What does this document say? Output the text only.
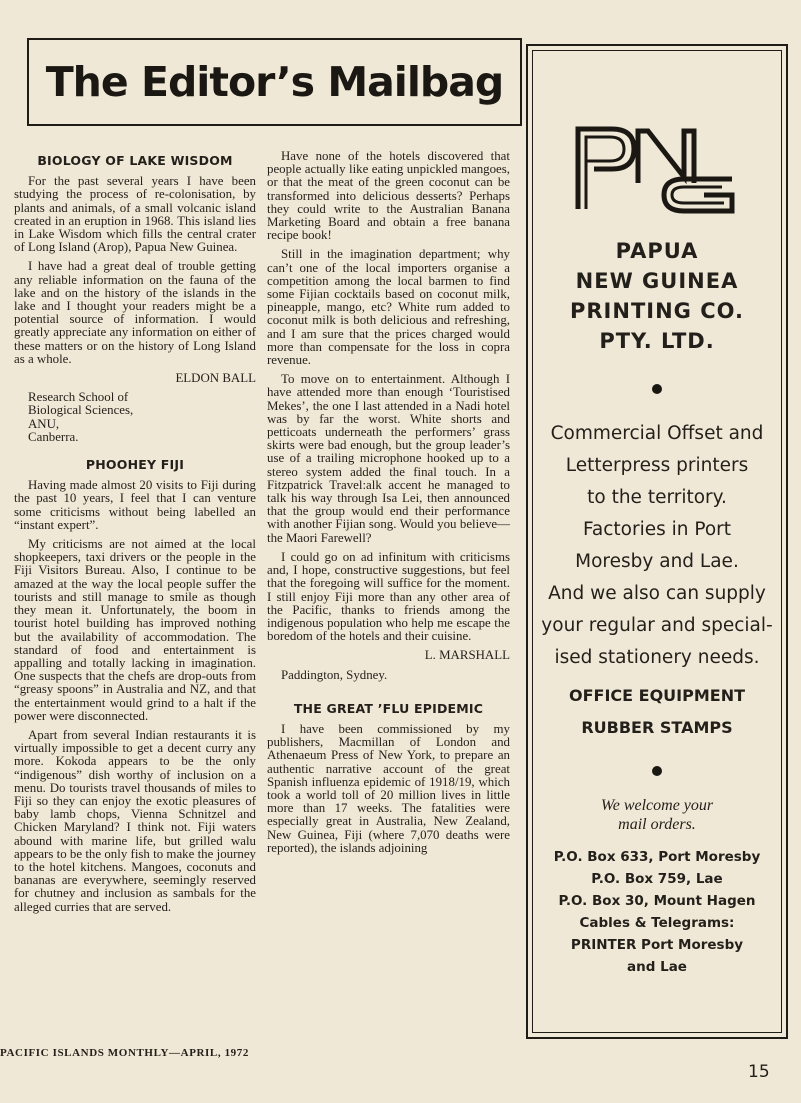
The Editor’s Mailbag
BIOLOGY OF LAKE WISDOM

For the past several years I have been studying the process of re-colonisation, by plants and animals, of a small volcanic island created in an eruption in 1968. This island lies in Lake Wisdom which fills the central crater of Long Island (Arop), Papua New Guinea.

I have had a great deal of trouble getting any reliable information on the fauna of the lake and on the history of the islands in the lake and I thought your readers might be a potential source of information. I would greatly appreciate any information on either of these matters or on the history of Long Island as a whole.

ELDON BALL

Research School of
Biological Sciences,
ANU,
Canberra.

PHOOHEY FIJI

Having made almost 20 visits to Fiji during the past 10 years, I feel that I can venture some criticisms without being labelled an “instant expert”.

My criticisms are not aimed at the local shopkeepers, taxi drivers or the people in the Fiji Visitors Bureau. Also, I continue to be amazed at the way the local people suffer the tourists and still manage to smile as though they mean it. Unfortunately, the boom in tourist hotel building has improved nothing but the availability of accommodation. The standard of food and entertainment is appalling and totally lacking in imagination. One suspects that the chefs are drop-outs from “greasy spoons” in Australia and NZ, and that the entertainment would grind to a halt if the power were disconnected.

Apart from several Indian restaurants it is virtually impossible to get a decent curry any more. Kokoda appears to be the only “indigenous” dish worthy of inclusion on a menu. Do tourists travel thousands of miles to Fiji so they can enjoy the exotic pleasures of baby lamb chops, Vienna Schnitzel and Chicken Maryland? I think not. Fiji waters abound with marine life, but grilled walu appears to be the only fish to make the journey to the hotel kitchens. Mangoes, coconuts and bananas are everywhere, seemingly reserved for chutney and inclusion as sambals for the alleged curries that are served.

Have none of the hotels discovered that people actually like eating unpickled mangoes, or that the meat of the green coconut can be transformed into delicious desserts? Perhaps they could write to the Australian Banana Marketing Board and obtain a free banana recipe book!

Still in the imagination department; why can’t one of the local importers organise a competition among the local barmen to find some Fijian cocktails based on coconut milk, pineapple, mango, etc? White rum added to coconut milk is both delicious and refreshing, and I am sure that the prices charged would more than compensate for the loss in copra revenue.

To move on to entertainment. Although I have attended more than enough ‘Touristised Mekes’, the one I last attended in a Nadi hotel was by far the worst. White shorts and petticoats underneath the performers’ grass skirts were bad enough, but the group leader’s use of a trailing microphone hooked up to a stereo system added the final touch. In a Fitzpatrick Travel:alk accent he managed to talk his way through Isa Lei, then announced that the group would end their performance with another Fijian song. Would you believe—the Maori Farewell?

I could go on ad infinitum with criticisms and, I hope, constructive suggestions, but feel that the foregoing will suffice for the moment. I still enjoy Fiji more than any other area of the Pacific, thanks to friends among the indigenous population who help me escape the boredom of the hotels and their cuisine.

L. MARSHALL

Paddington, Sydney.

THE GREAT ’FLU EPIDEMIC

I have been commissioned by my publishers, Macmillan of London and Athenaeum Press of New York, to prepare an authentic narrative account of the great Spanish influenza epidemic of 1918/19, which took a world toll of 20 million lives in little more than 17 weeks. The fatalities were especially great in Australia, New Zealand, New Guinea, Fiji (where 7,070 deaths were reported), the islands adjoining

PAPUA
NEW GUINEA
PRINTING CO.
PTY. LTD.
Commercial Offset and
Letterpress printers
to the territory.
Factories in Port
Moresby and Lae.
And we also can supply
your regular and special-
ised stationery needs.
OFFICE EQUIPMENT
RUBBER STAMPS
We welcome your
mail orders.
P.O. Box 633, Port Moresby
P.O. Box 759, Lae
P.O. Box 30, Mount Hagen
Cables & Telegrams:
PRINTER Port Moresby
and Lae
PACIFIC ISLANDS MONTHLY—APRIL, 1972
15
